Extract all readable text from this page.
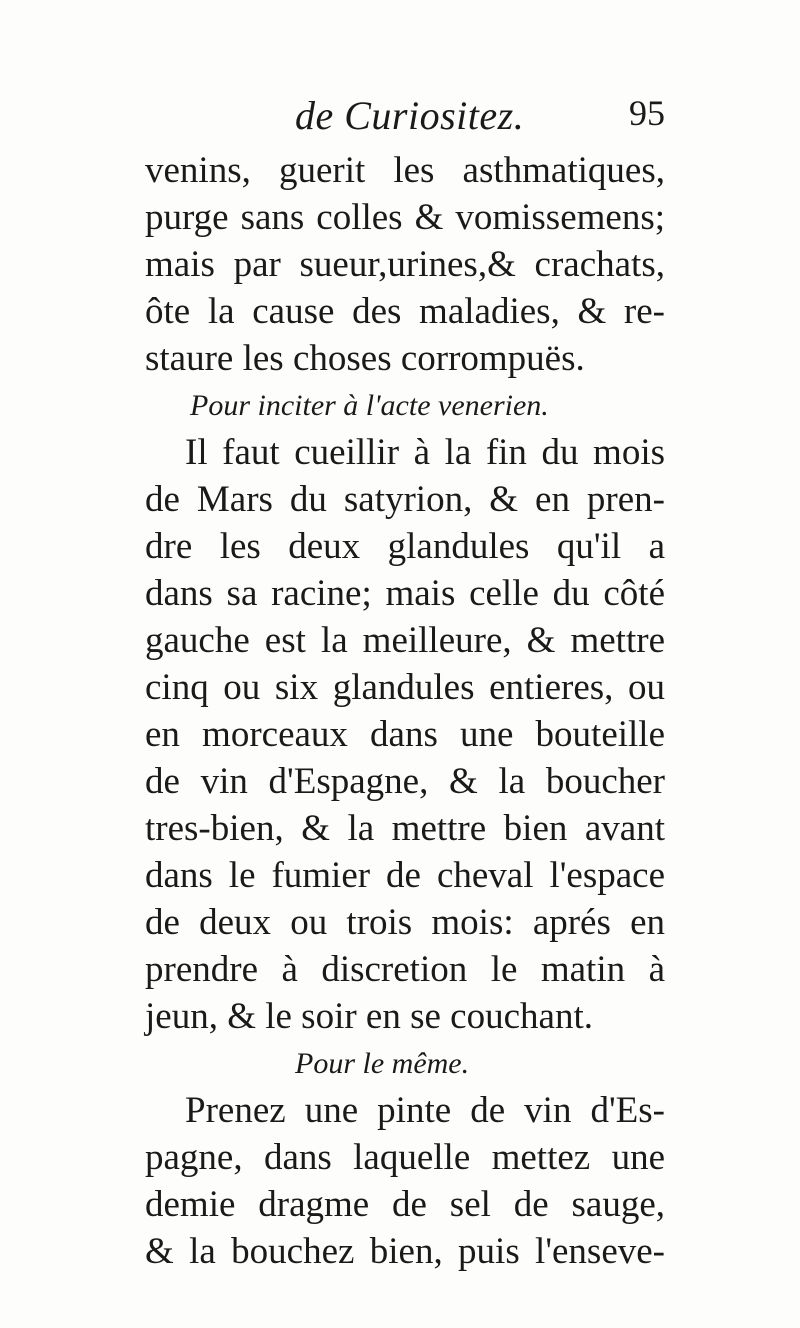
de Curiositez.	95
venins, guerit les asthmatiques,
purge sans colles & vomissemens;
mais par sueur,urines,& crachats,
ôte la cause des maladies, & re-
staure les choses corrompuës.
Pour inciter à l'acte venerien.
Il faut cueillir à la fin du mois
de Mars du satyrion, & en pren-
dre les deux glandules qu'il a
dans sa racine; mais celle du côté
gauche est la meilleure, & mettre
cinq ou six glandules entieres, ou
en morceaux dans une bouteille
de vin d'Espagne, & la boucher
tres-bien, & la mettre bien avant
dans le fumier de cheval l'espace
de deux ou trois mois: aprés en
prendre à discretion le matin à
jeun, & le soir en se couchant.
Pour le même.
Prenez une pinte de vin d'Es-
pagne, dans laquelle mettez une
demie dragme de sel de sauge,
& la bouchez bien, puis l'enseve-
